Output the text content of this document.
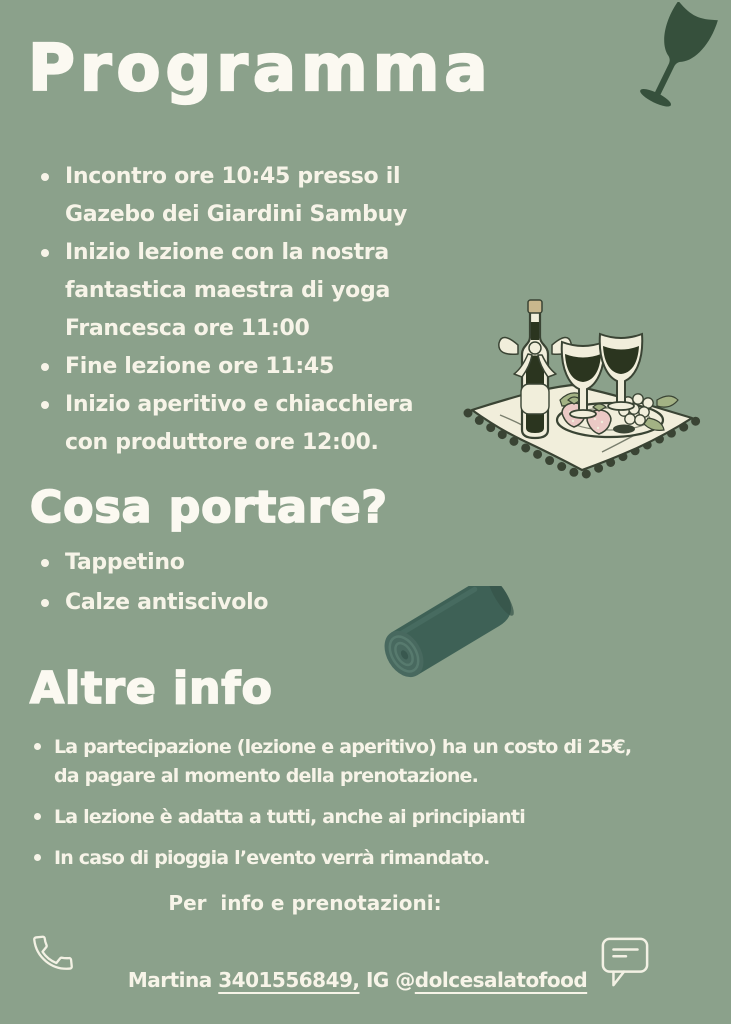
Programma
Incontro ore 10:45 presso il
Gazebo dei Giardini Sambuy
Inizio lezione con la nostra
fantastica maestra di yoga
Francesca ore 11:00
Fine lezione ore 11:45
Inizio aperitivo e chiacchiera
con produttore ore 12:00.
Cosa portare?
Tappetino
Calze antiscivolo
Altre info
La partecipazione (lezione e aperitivo) ha un costo di 25€,
da pagare al momento della prenotazione.
La lezione è adatta a tutti, anche ai principianti
In caso di pioggia l’evento verrà rimandato.
Per  info e prenotazioni:

Martina 3401556849, IG @dolcesalatofood
